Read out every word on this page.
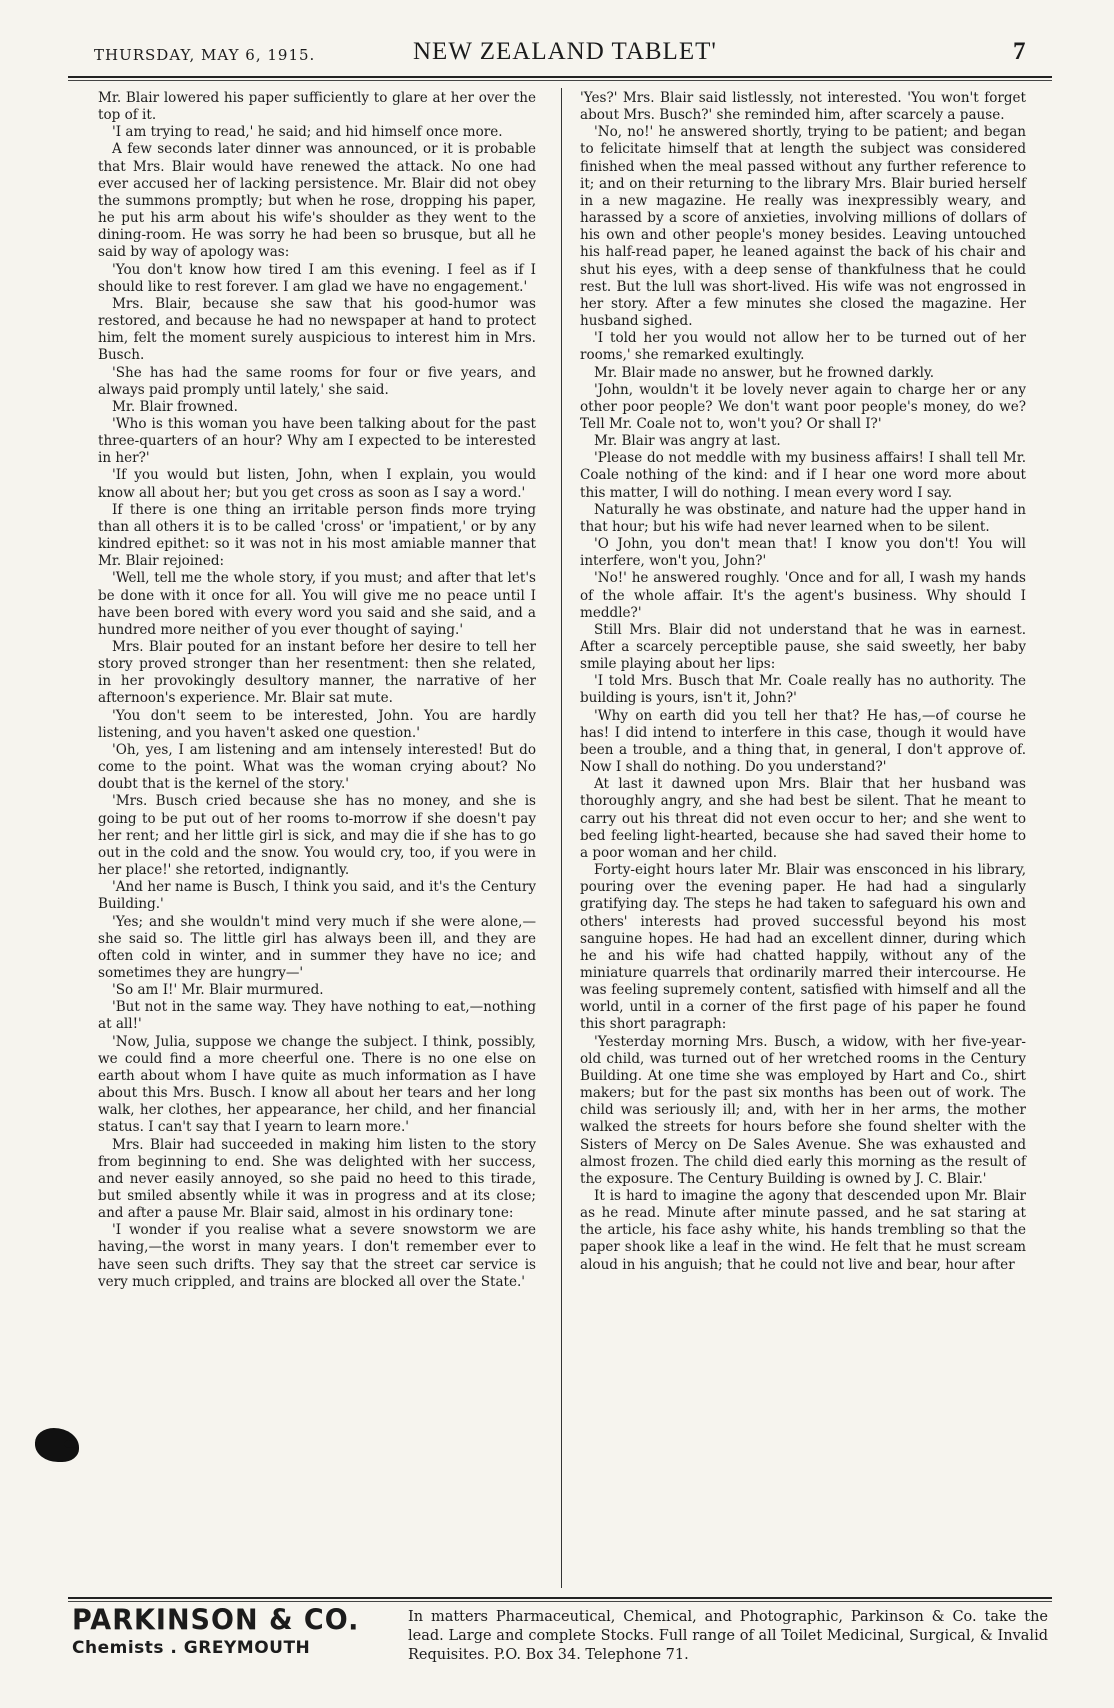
THURSDAY, MAY 6, 1915.	NEW ZEALAND TABLET'	7

Mr. Blair lowered his paper sufficiently to glare at her over the top of it.

'I am trying to read,' he said; and hid himself once more.

A few seconds later dinner was announced, or it is probable that Mrs. Blair would have renewed the attack. No one had ever accused her of lacking persistence. Mr. Blair did not obey the summons promptly; but when he rose, dropping his paper, he put his arm about his wife's shoulder as they went to the dining-room. He was sorry he had been so brusque, but all he said by way of apology was:

'You don't know how tired I am this evening. I feel as if I should like to rest forever. I am glad we have no engagement.'

Mrs. Blair, because she saw that his good-humor was restored, and because he had no newspaper at hand to protect him, felt the moment surely auspicious to interest him in Mrs. Busch.

'She has had the same rooms for four or five years, and always paid promply until lately,' she said.

Mr. Blair frowned.

'Who is this woman you have been talking about for the past three-quarters of an hour? Why am I expected to be interested in her?'

'If you would but listen, John, when I explain, you would know all about her; but you get cross as soon as I say a word.'

If there is one thing an irritable person finds more trying than all others it is to be called 'cross' or 'impatient,' or by any kindred epithet: so it was not in his most amiable manner that Mr. Blair rejoined:

'Well, tell me the whole story, if you must; and after that let's be done with it once for all. You will give me no peace until I have been bored with every word you said and she said, and a hundred more neither of you ever thought of saying.'

Mrs. Blair pouted for an instant before her desire to tell her story proved stronger than her resentment: then she related, in her provokingly desultory manner, the narrative of her afternoon's experience. Mr. Blair sat mute.

'You don't seem to be interested, John. You are hardly listening, and you haven't asked one question.'

'Oh, yes, I am listening and am intensely interested! But do come to the point. What was the woman crying about? No doubt that is the kernel of the story.'

'Mrs. Busch cried because she has no money, and she is going to be put out of her rooms to-morrow if she doesn't pay her rent; and her little girl is sick, and may die if she has to go out in the cold and the snow. You would cry, too, if you were in her place!' she retorted, indignantly.

'And her name is Busch, I think you said, and it's the Century Building.'

'Yes; and she wouldn't mind very much if she were alone,—she said so. The little girl has always been ill, and they are often cold in winter, and in summer they have no ice; and sometimes they are hungry—'

'So am I!' Mr. Blair murmured.

'But not in the same way. They have nothing to eat,—nothing at all!'

'Now, Julia, suppose we change the subject. I think, possibly, we could find a more cheerful one. There is no one else on earth about whom I have quite as much information as I have about this Mrs. Busch. I know all about her tears and her long walk, her clothes, her appearance, her child, and her financial status. I can't say that I yearn to learn more.'

Mrs. Blair had succeeded in making him listen to the story from beginning to end. She was delighted with her success, and never easily annoyed, so she paid no heed to this tirade, but smiled absently while it was in progress and at its close; and after a pause Mr. Blair said, almost in his ordinary tone:

'I wonder if you realise what a severe snowstorm we are having,—the worst in many years. I don't remember ever to have seen such drifts. They say that the street car service is very much crippled, and trains are blocked all over the State.'

'Yes?' Mrs. Blair said listlessly, not interested. 'You won't forget about Mrs. Busch?' she reminded him, after scarcely a pause.

'No, no!' he answered shortly, trying to be patient; and began to felicitate himself that at length the subject was considered finished when the meal passed without any further reference to it; and on their returning to the library Mrs. Blair buried herself in a new magazine. He really was inexpressibly weary, and harassed by a score of anxieties, involving millions of dollars of his own and other people's money besides. Leaving untouched his half-read paper, he leaned against the back of his chair and shut his eyes, with a deep sense of thankfulness that he could rest. But the lull was short-lived. His wife was not engrossed in her story. After a few minutes she closed the magazine. Her husband sighed.

'I told her you would not allow her to be turned out of her rooms,' she remarked exultingly.

Mr. Blair made no answer, but he frowned darkly.

'John, wouldn't it be lovely never again to charge her or any other poor people? We don't want poor people's money, do we? Tell Mr. Coale not to, won't you? Or shall I?'

Mr. Blair was angry at last.

'Please do not meddle with my business affairs! I shall tell Mr. Coale nothing of the kind: and if I hear one word more about this matter, I will do nothing. I mean every word I say.

Naturally he was obstinate, and nature had the upper hand in that hour; but his wife had never learned when to be silent.

'O John, you don't mean that! I know you don't! You will interfere, won't you, John?'

'No!' he answered roughly. 'Once and for all, I wash my hands of the whole affair. It's the agent's business. Why should I meddle?'

Still Mrs. Blair did not understand that he was in earnest. After a scarcely perceptible pause, she said sweetly, her baby smile playing about her lips:

'I told Mrs. Busch that Mr. Coale really has no authority. The building is yours, isn't it, John?'

'Why on earth did you tell her that? He has,—of course he has! I did intend to interfere in this case, though it would have been a trouble, and a thing that, in general, I don't approve of. Now I shall do nothing. Do you understand?'

At last it dawned upon Mrs. Blair that her husband was thoroughly angry, and she had best be silent. That he meant to carry out his threat did not even occur to her; and she went to bed feeling light-hearted, because she had saved their home to a poor woman and her child.

Forty-eight hours later Mr. Blair was ensconced in his library, pouring over the evening paper. He had had a singularly gratifying day. The steps he had taken to safeguard his own and others' interests had proved successful beyond his most sanguine hopes. He had had an excellent dinner, during which he and his wife had chatted happily, without any of the miniature quarrels that ordinarily marred their intercourse. He was feeling supremely content, satisfied with himself and all the world, until in a corner of the first page of his paper he found this short paragraph:

'Yesterday morning Mrs. Busch, a widow, with her five-year-old child, was turned out of her wretched rooms in the Century Building. At one time she was employed by Hart and Co., shirt makers; but for the past six months has been out of work. The child was seriously ill; and, with her in her arms, the mother walked the streets for hours before she found shelter with the Sisters of Mercy on De Sales Avenue. She was exhausted and almost frozen. The child died early this morning as the result of the exposure. The Century Building is owned by J. C. Blair.'

It is hard to imagine the agony that descended upon Mr. Blair as he read. Minute after minute passed, and he sat staring at the article, his face ashy white, his hands trembling so that the paper shook like a leaf in the wind. He felt that he must scream aloud in his anguish; that he could not live and bear, hour after

PARKINSON & CO.
Chemists . GREYMOUTH
In matters Pharmaceutical, Chemical, and Photographic, Parkinson & Co. take the lead. Large and complete Stocks. Full range of all Toilet Medicinal, Surgical, & Invalid Requisites. P.O. Box 34. Telephone 71.
